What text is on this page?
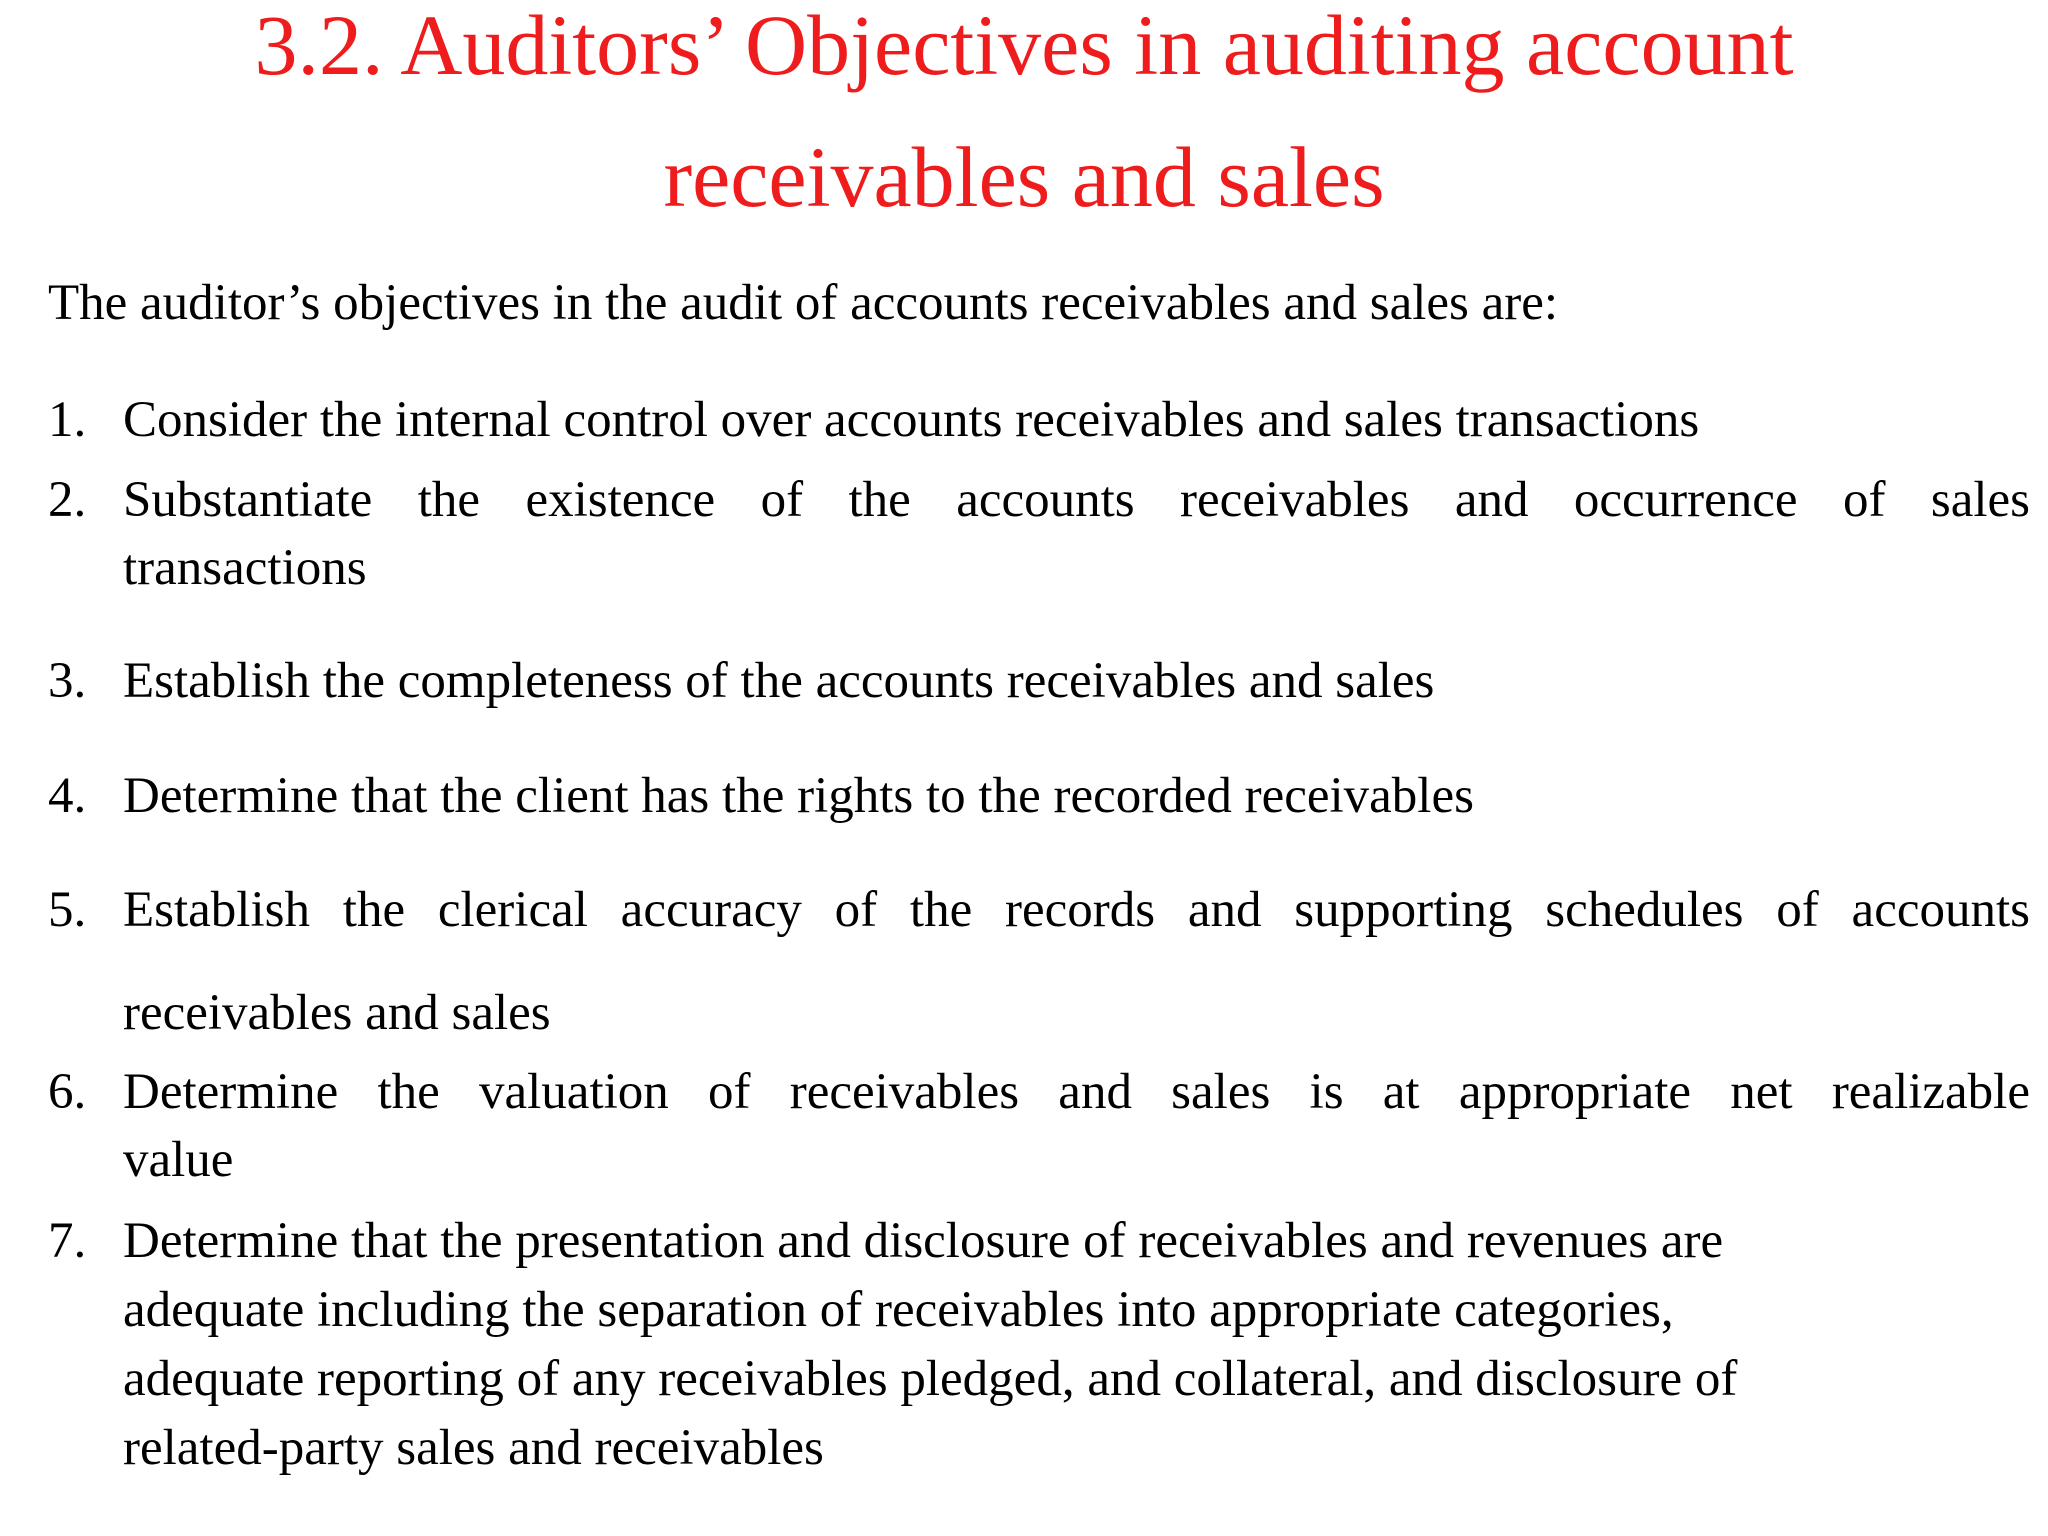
3.2. Auditors’ Objectives in auditing account
receivables and sales

The auditor’s objectives in the audit of accounts receivables and sales are:

1. Consider the internal control over accounts receivables and sales transactions
2. Substantiate the existence of the accounts receivables and occurrence of sales
transactions
3. Establish the completeness of the accounts receivables and sales
4. Determine that the client has the rights to the recorded receivables
5. Establish the clerical accuracy of the records and supporting schedules of accounts
receivables and sales
6. Determine the valuation of receivables and sales is at appropriate net realizable
value
7. Determine that the presentation and disclosure of receivables and revenues are
adequate including the separation of receivables into appropriate categories,
adequate reporting of any receivables pledged, and collateral, and disclosure of
related-party sales and receivables
